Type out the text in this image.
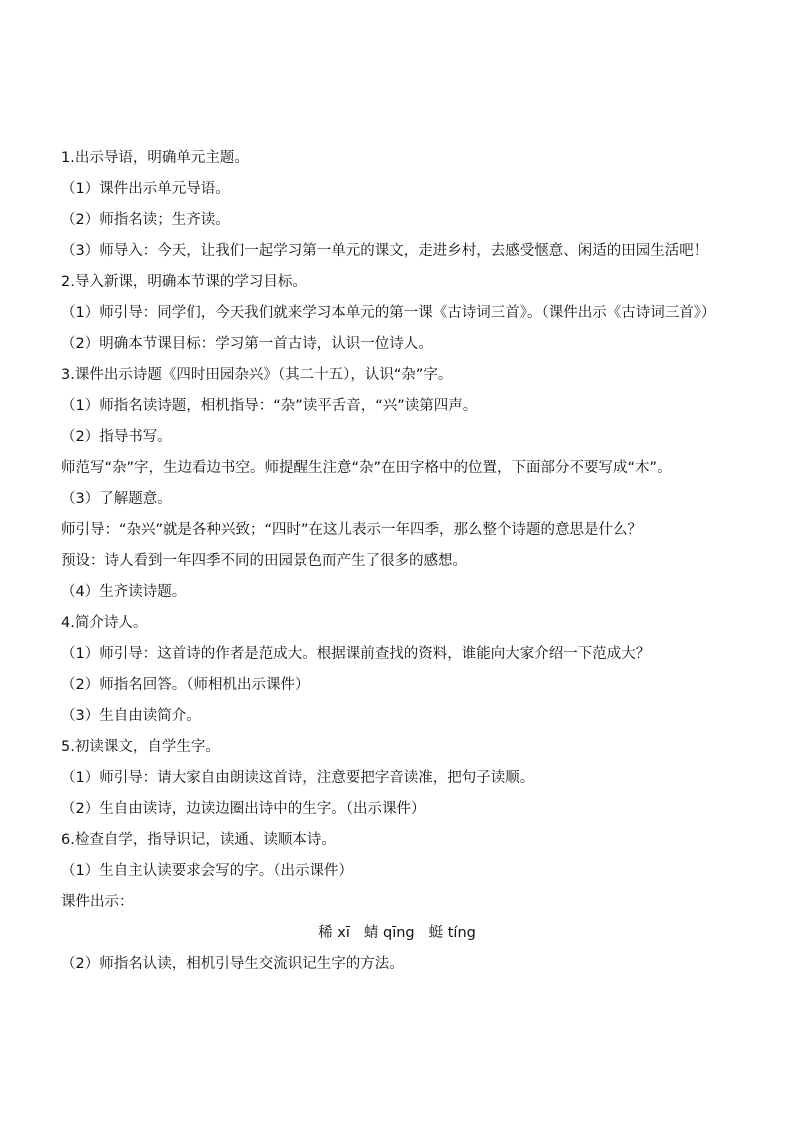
1.出示导语，明确单元主题。

（1）课件出示单元导语。

（2）师指名读；生齐读。

（3）师导入：今天，让我们一起学习第一单元的课文，走进乡村，去感受惬意、闲适的田园生活吧！

2.导入新课，明确本节课的学习目标。

（1）师引导：同学们，今天我们就来学习本单元的第一课《古诗词三首》。（课件出示《古诗词三首》）

（2）明确本节课目标：学习第一首古诗，认识一位诗人。

3.课件出示诗题《四时田园杂兴》（其二十五），认识“杂”字。

（1）师指名读诗题，相机指导：“杂”读平舌音，“兴”读第四声。

（2）指导书写。

师范写“杂”字，生边看边书空。师提醒生注意“杂”在田字格中的位置，下面部分不要写成“木”。

（3）了解题意。

师引导：“杂兴”就是各种兴致；“四时”在这儿表示一年四季，那么整个诗题的意思是什么？

预设：诗人看到一年四季不同的田园景色而产生了很多的感想。

（4）生齐读诗题。

4.简介诗人。

（1）师引导：这首诗的作者是范成大。根据课前查找的资料，谁能向大家介绍一下范成大？

（2）师指名回答。（师相机出示课件）

（3）生自由读简介。

5.初读课文，自学生字。

（1）师引导：请大家自由朗读这首诗，注意要把字音读准，把句子读顺。

（2）生自由读诗，边读边圈出诗中的生字。（出示课件）

6.检查自学，指导识记，读通、读顺本诗。

（1）生自主认读要求会写的字。（出示课件）

课件出示：

稀 xī 蜻 qīng 蜓 tíng

（2）师指名认读，相机引导生交流识记生字的方法。
